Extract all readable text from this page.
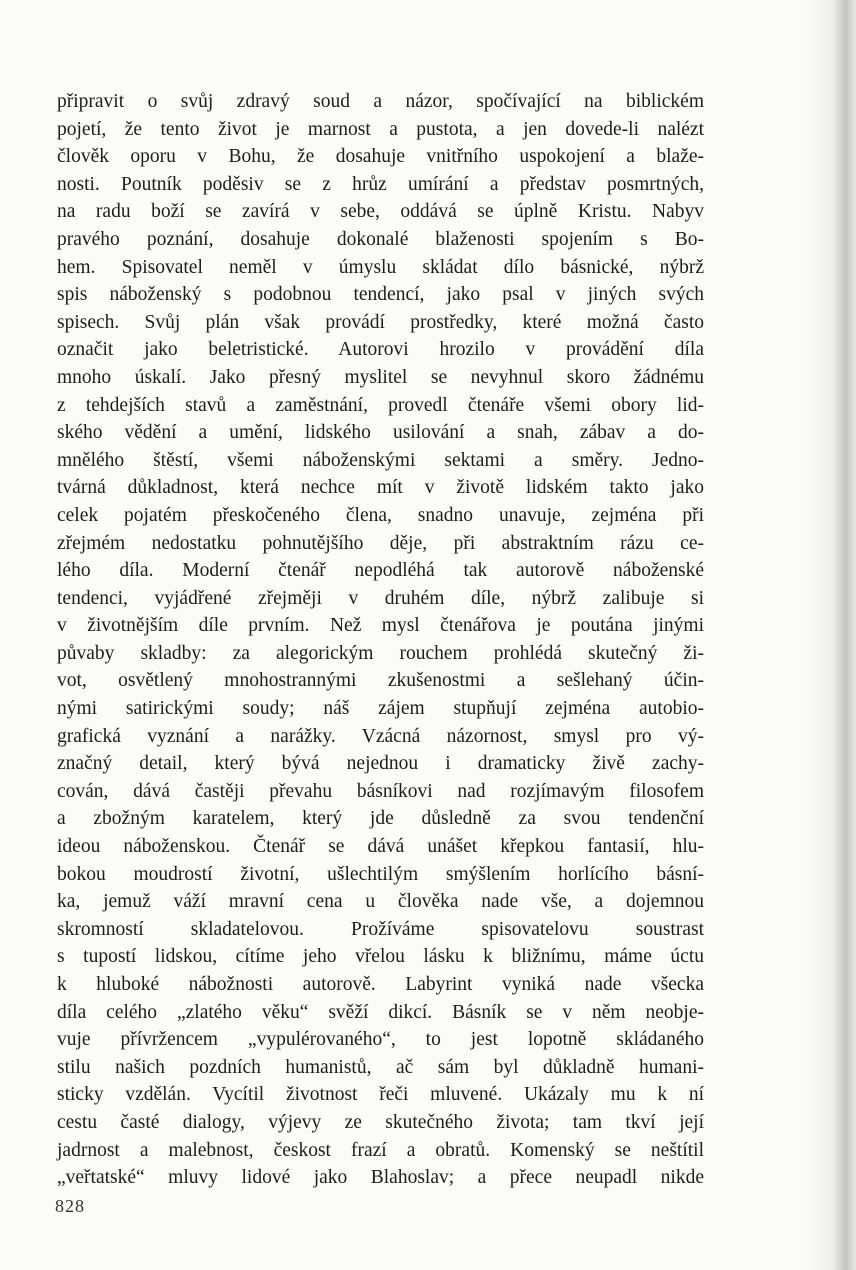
připravit o svůj zdravý soud a názor, spočívající na biblickém
pojetí, že tento život je marnost a pustota, a jen dovede-li nalézt
člověk oporu v Bohu, že dosahuje vnitřního uspokojení a blaže-
nosti. Poutník poděsiv se z hrůz umírání a představ posmrtných,
na radu boží se zavírá v sebe, oddává se úplně Kristu. Nabyv
pravého poznání, dosahuje dokonalé blaženosti spojením s Bo-
hem. Spisovatel neměl v úmyslu skládat dílo básnické, nýbrž
spis náboženský s podobnou tendencí, jako psal v jiných svých
spisech. Svůj plán však provádí prostředky, které možná často
označit jako beletristické. Autorovi hrozilo v provádění díla
mnoho úskalí. Jako přesný myslitel se nevyhnul skoro žádnému
z tehdejších stavů a zaměstnání, provedl čtenáře všemi obory lid-
ského vědění a umění, lidského usilování a snah, zábav a do-
mnělého štěstí, všemi náboženskými sektami a směry. Jedno-
tvárná důkladnost, která nechce mít v životě lidském takto jako
celek pojatém přeskočeného člena, snadno unavuje, zejména při
zřejmém nedostatku pohnutějšího děje, při abstraktním rázu ce-
lého díla. Moderní čtenář nepodléhá tak autorově náboženské
tendenci, vyjádřené zřejměji v druhém díle, nýbrž zalibuje si
v životnějším díle prvním. Než mysl čtenářova je poutána jinými
půvaby skladby: za alegorickým rouchem prohlédá skutečný ži-
vot, osvětlený mnohostrannými zkušenostmi a sešlehaný účin-
nými satirickými soudy; náš zájem stupňují zejména autobio-
grafická vyznání a narážky. Vzácná názornost, smysl pro vý-
značný detail, který bývá nejednou i dramaticky živě zachy-
cován, dává častěji převahu básníkovi nad rozjímavým filosofem
a zbožným karatelem, který jde důsledně za svou tendenční
ideou náboženskou. Čtenář se dává unášet křepkou fantasií, hlu-
bokou moudrostí životní, ušlechtilým smýšlením horlícího básní-
ka, jemuž váží mravní cena u člověka nade vše, a dojemnou
skromností skladatelovou. Prožíváme spisovatelovu soustrast
s tupostí lidskou, cítíme jeho vřelou lásku k bližnímu, máme úctu
k hluboké nábožnosti autorově. Labyrint vyniká nade všecka
díla celého „zlatého věku“ svěží dikcí. Básník se v něm neobje-
vuje přívržencem „vypulérovaného“, to jest lopotně skládaného
stilu našich pozdních humanistů, ač sám byl důkladně humani-
sticky vzdělán. Vycítil životnost řeči mluvené. Ukázaly mu k ní
cestu časté dialogy, výjevy ze skutečného života; tam tkví její
jadrnost a malebnost, českost frazí a obratů. Komenský se neštítil
„veřtatské“ mluvy lidové jako Blahoslav; a přece neupadl nikde
828
